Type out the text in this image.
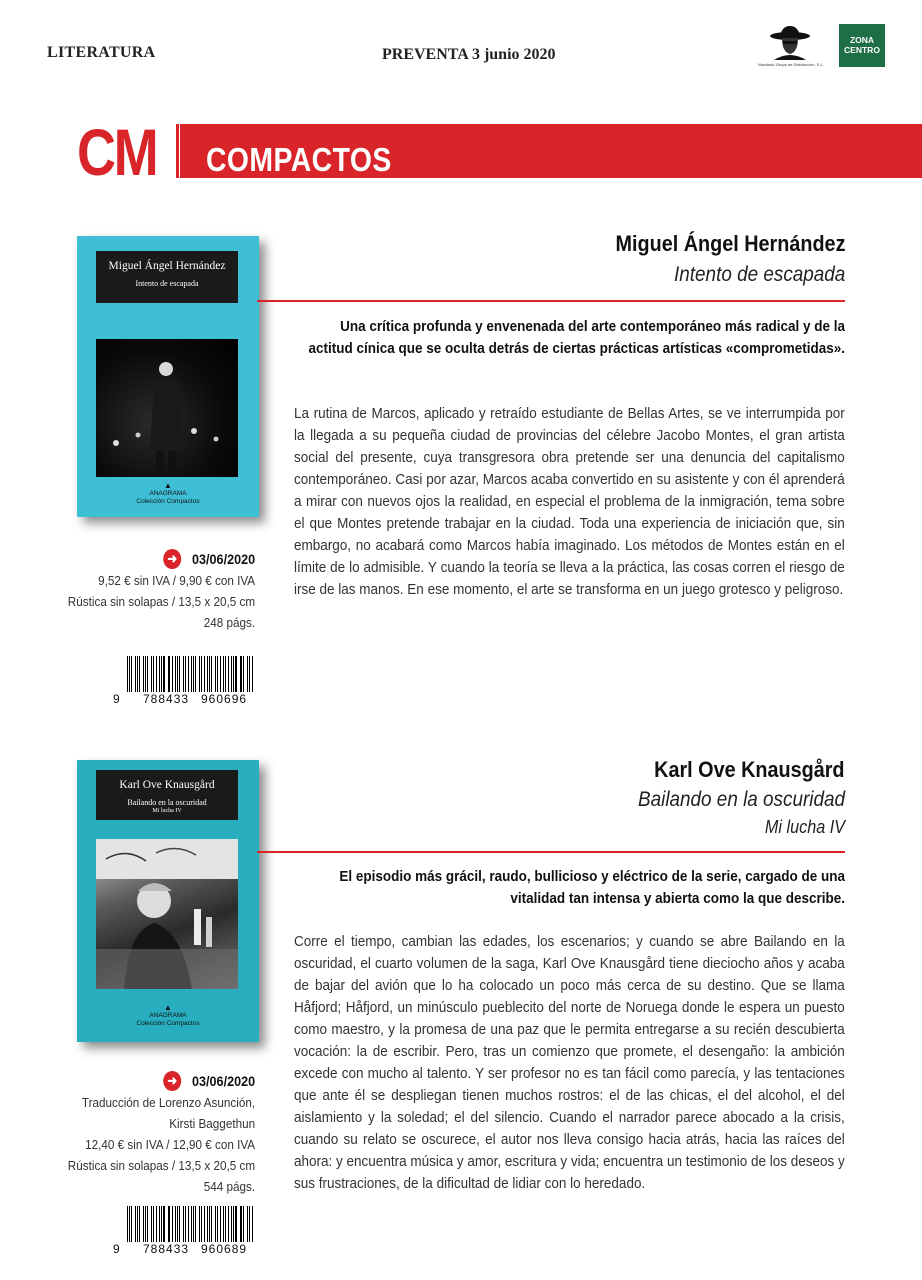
LITERATURA	PREVENTA 3 junio 2020
Machado Grupo de Distribución, S.L.
ZONA
CENTRO
CM COMPACTOS
Miguel Ángel Hernández
Intento de escapada
▲
ANAGRAMA
Colección Compactos
➜ 03/06/2020

9,52 € sin IVA / 9,90 € con IVA
Rústica sin solapas / 13,5 x 20,5 cm
248 págs.
9 788433 960696
Miguel Ángel Hernández
Intento de escapada
Una crítica profunda y envenenada del arte contemporáneo más radical y de la actitud cínica que se oculta detrás de ciertas prácticas artísticas «comprometidas».
La rutina de Marcos, aplicado y retraído estudiante de Bellas Artes, se ve interrumpida por la llegada a su pequeña ciudad de provincias del célebre Jacobo Montes, el gran artista social del presente, cuya transgresora obra pretende ser una denuncia del capitalismo contemporáneo. Casi por azar, Marcos acaba convertido en su asistente y con él aprenderá a mirar con nuevos ojos la realidad, en especial el problema de la inmigración, tema sobre el que Montes pretende trabajar en la ciudad. Toda una experiencia de iniciación que, sin embargo, no acabará como Marcos había imaginado. Los métodos de Montes están en el límite de lo admisible. Y cuando la teoría se lleva a la práctica, las cosas corren el riesgo de irse de las manos. En ese momento, el arte se transforma en un juego grotesco y peligroso.
Karl Ove Knausgård
Bailando en la oscuridad
Mi lucha IV
▲
ANAGRAMA
Colección Compactos
➜ 03/06/2020

Traducción de Lorenzo Asunción,
Kirsti Baggethun
12,40 € sin IVA / 12,90 € con IVA
Rústica sin solapas / 13,5 x 20,5 cm
544 págs.
9 788433 960689
Karl Ove Knausgård
Bailando en la oscuridad
Mi lucha IV
El episodio más grácil, raudo, bullicioso y eléctrico de la serie, cargado de una vitalidad tan intensa y abierta como la que describe.
Corre el tiempo, cambian las edades, los escenarios; y cuando se abre Bailando en la oscuridad, el cuarto volumen de la saga, Karl Ove Knausgård tiene dieciocho años y acaba de bajar del avión que lo ha colocado un poco más cerca de su destino. Que se llama Håfjord; Håfjord, un minúsculo pueblecito del norte de Noruega donde le espera un puesto como maestro, y la promesa de una paz que le permita entregarse a su recién descubierta vocación: la de escribir. Pero, tras un comienzo que promete, el desengaño: la ambición excede con mucho al talento. Y ser profesor no es tan fácil como parecía, y las tentaciones que ante él se despliegan tienen muchos rostros: el de las chicas, el del alcohol, el del aislamiento y la soledad; el del silencio. Cuando el narrador parece abocado a la crisis, cuando su relato se oscurece, el autor nos lleva consigo hacia atrás, hacia las raíces del ahora: y encuentra música y amor, escritura y vida; encuentra un testimonio de los deseos y sus frustraciones, de la dificultad de lidiar con lo heredado.
